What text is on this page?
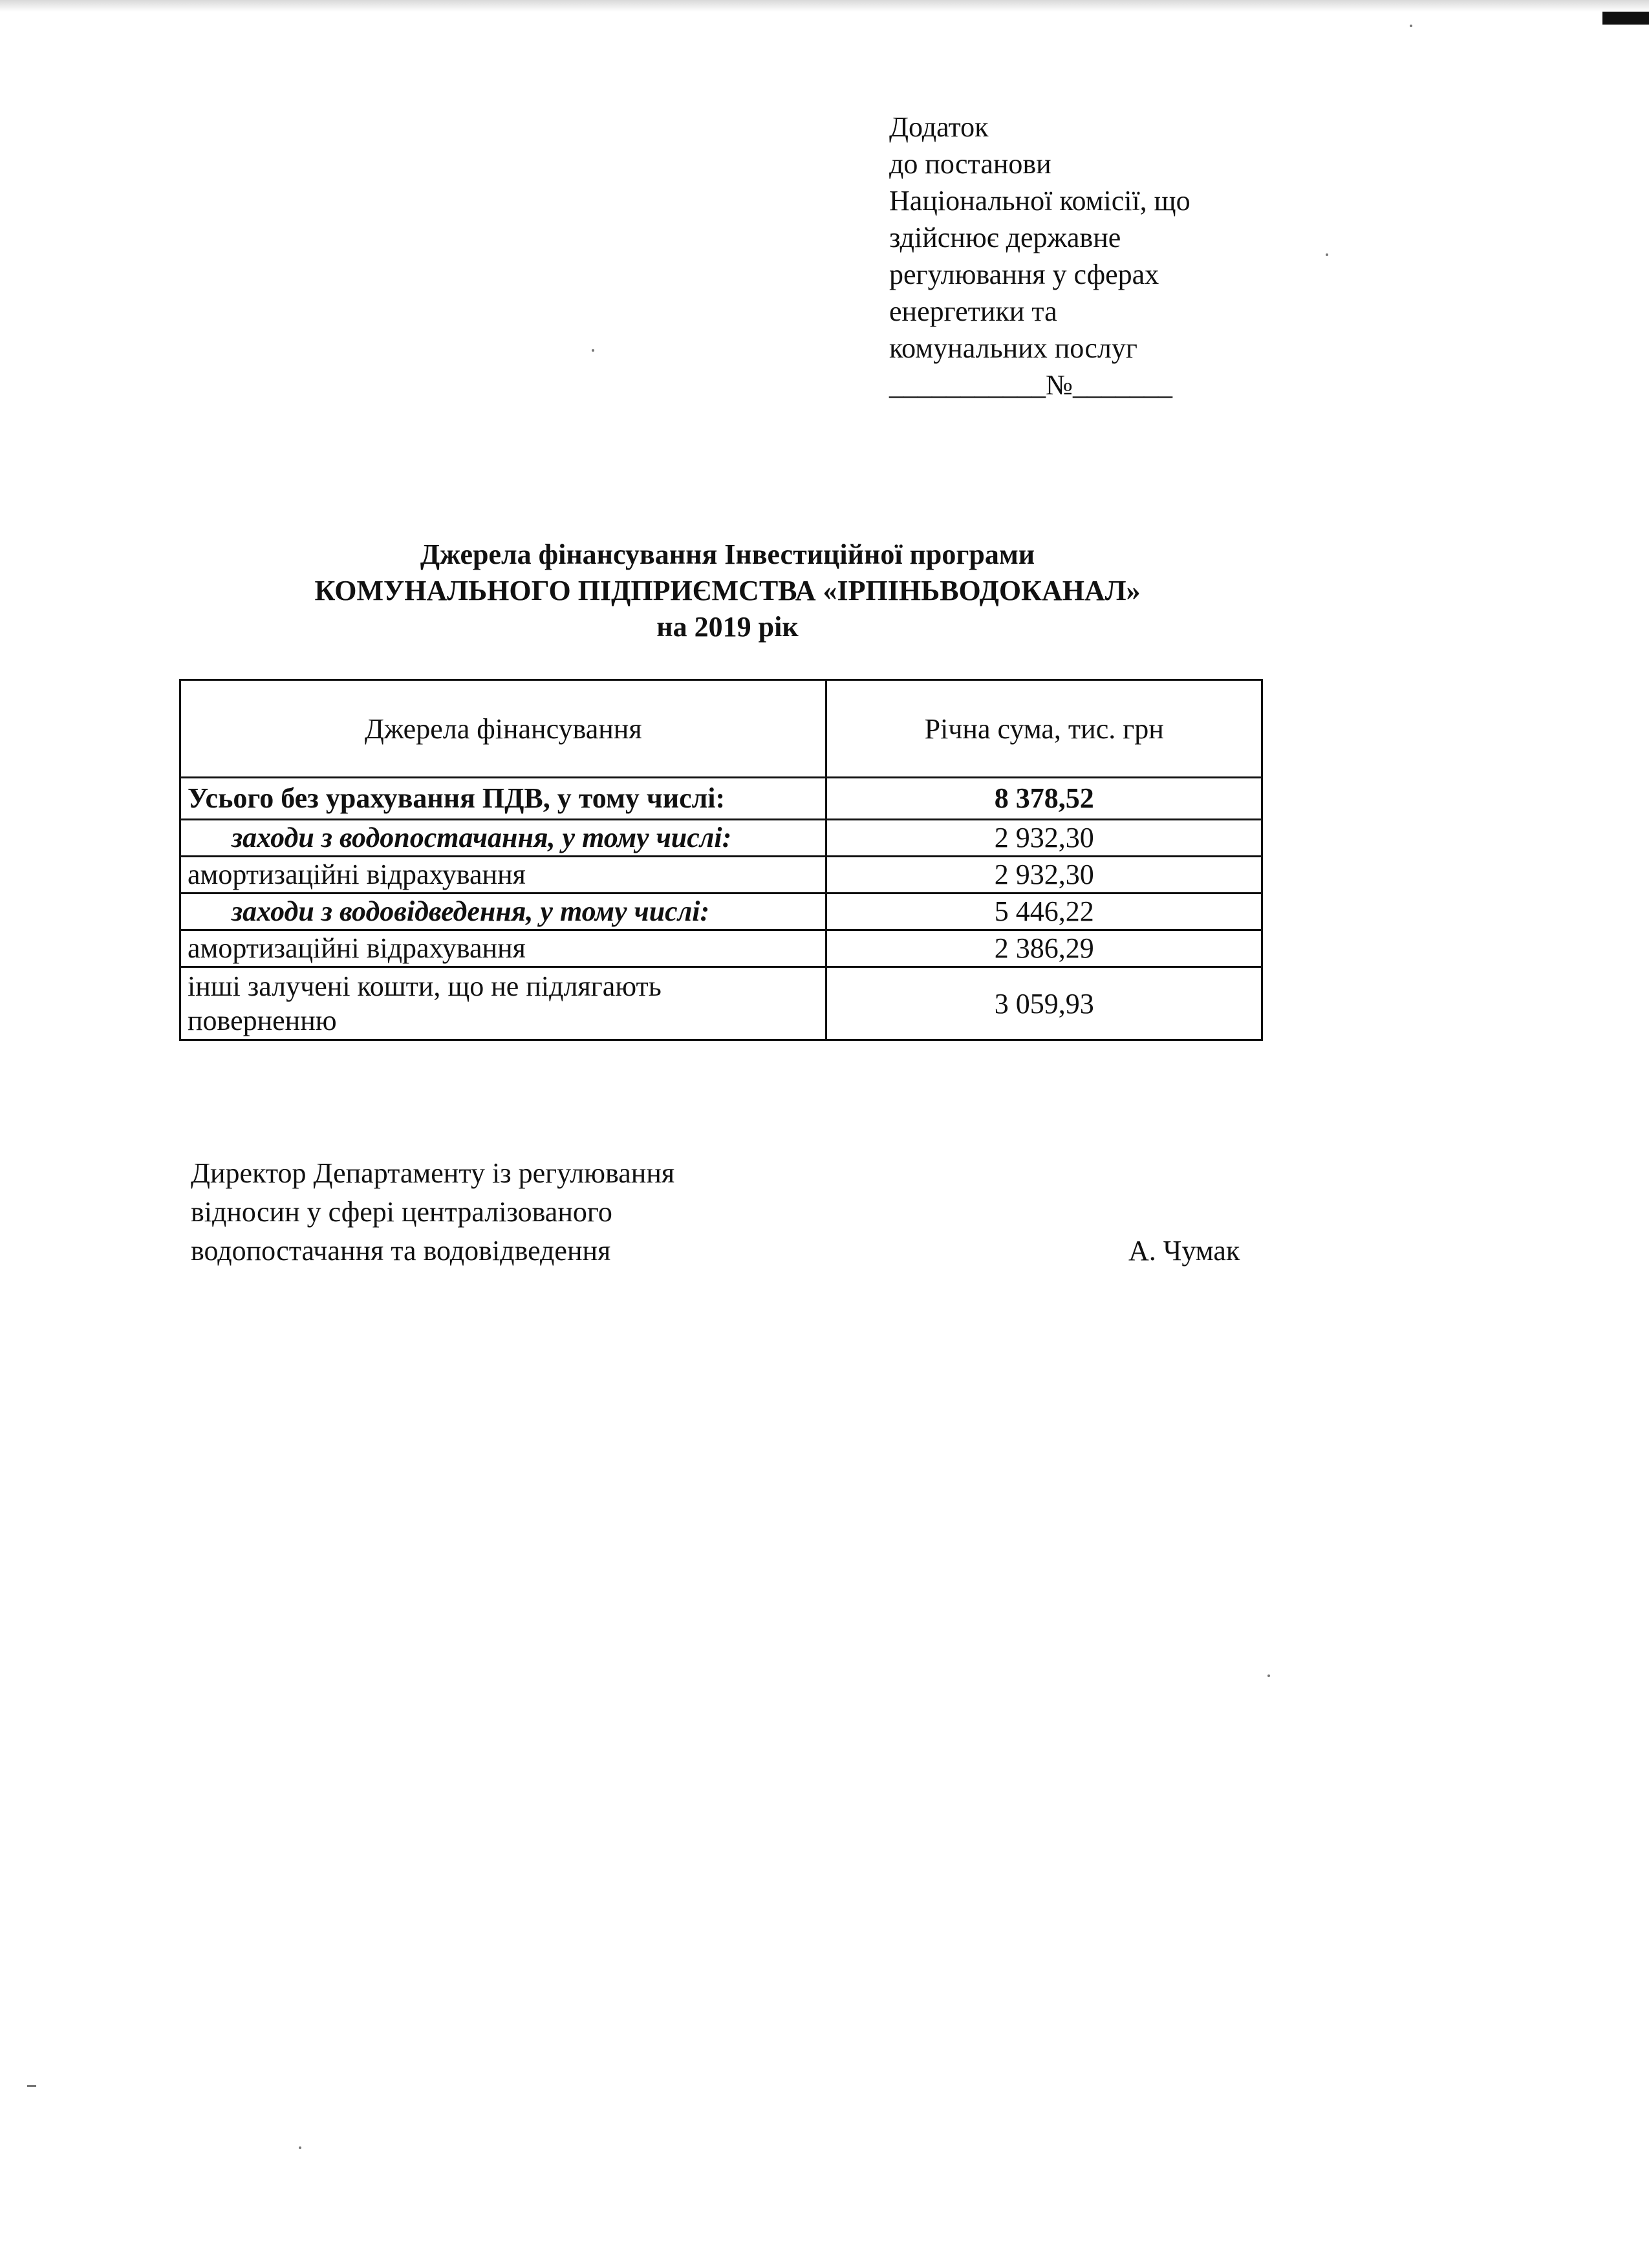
Додаток
до постанови
Національної комісії, що
здійснює державне
регулювання у сферах
енергетики та
комунальних послуг
___________№_______
Джерела фінансування Інвестиційної програми
КОМУНАЛЬНОГО ПІДПРИЄМСТВА «ІРПІНЬВОДОКАНАЛ»
на 2019 рік
Джерела фінансування	Річна сума, тис. грн
Усього без урахування ПДВ, у тому числі:	8 378,52
заходи з водопостачання, у тому числі:	2 932,30
амортизаційні відрахування	2 932,30
заходи з водовідведення, у тому числі:	5 446,22
амортизаційні відрахування	2 386,29
інші залучені кошти, що не підлягають
поверненню	3 059,93
Директор Департаменту із регулювання
відносин у сфері централізованого
водопостачання та водовідведення	А. Чумак
